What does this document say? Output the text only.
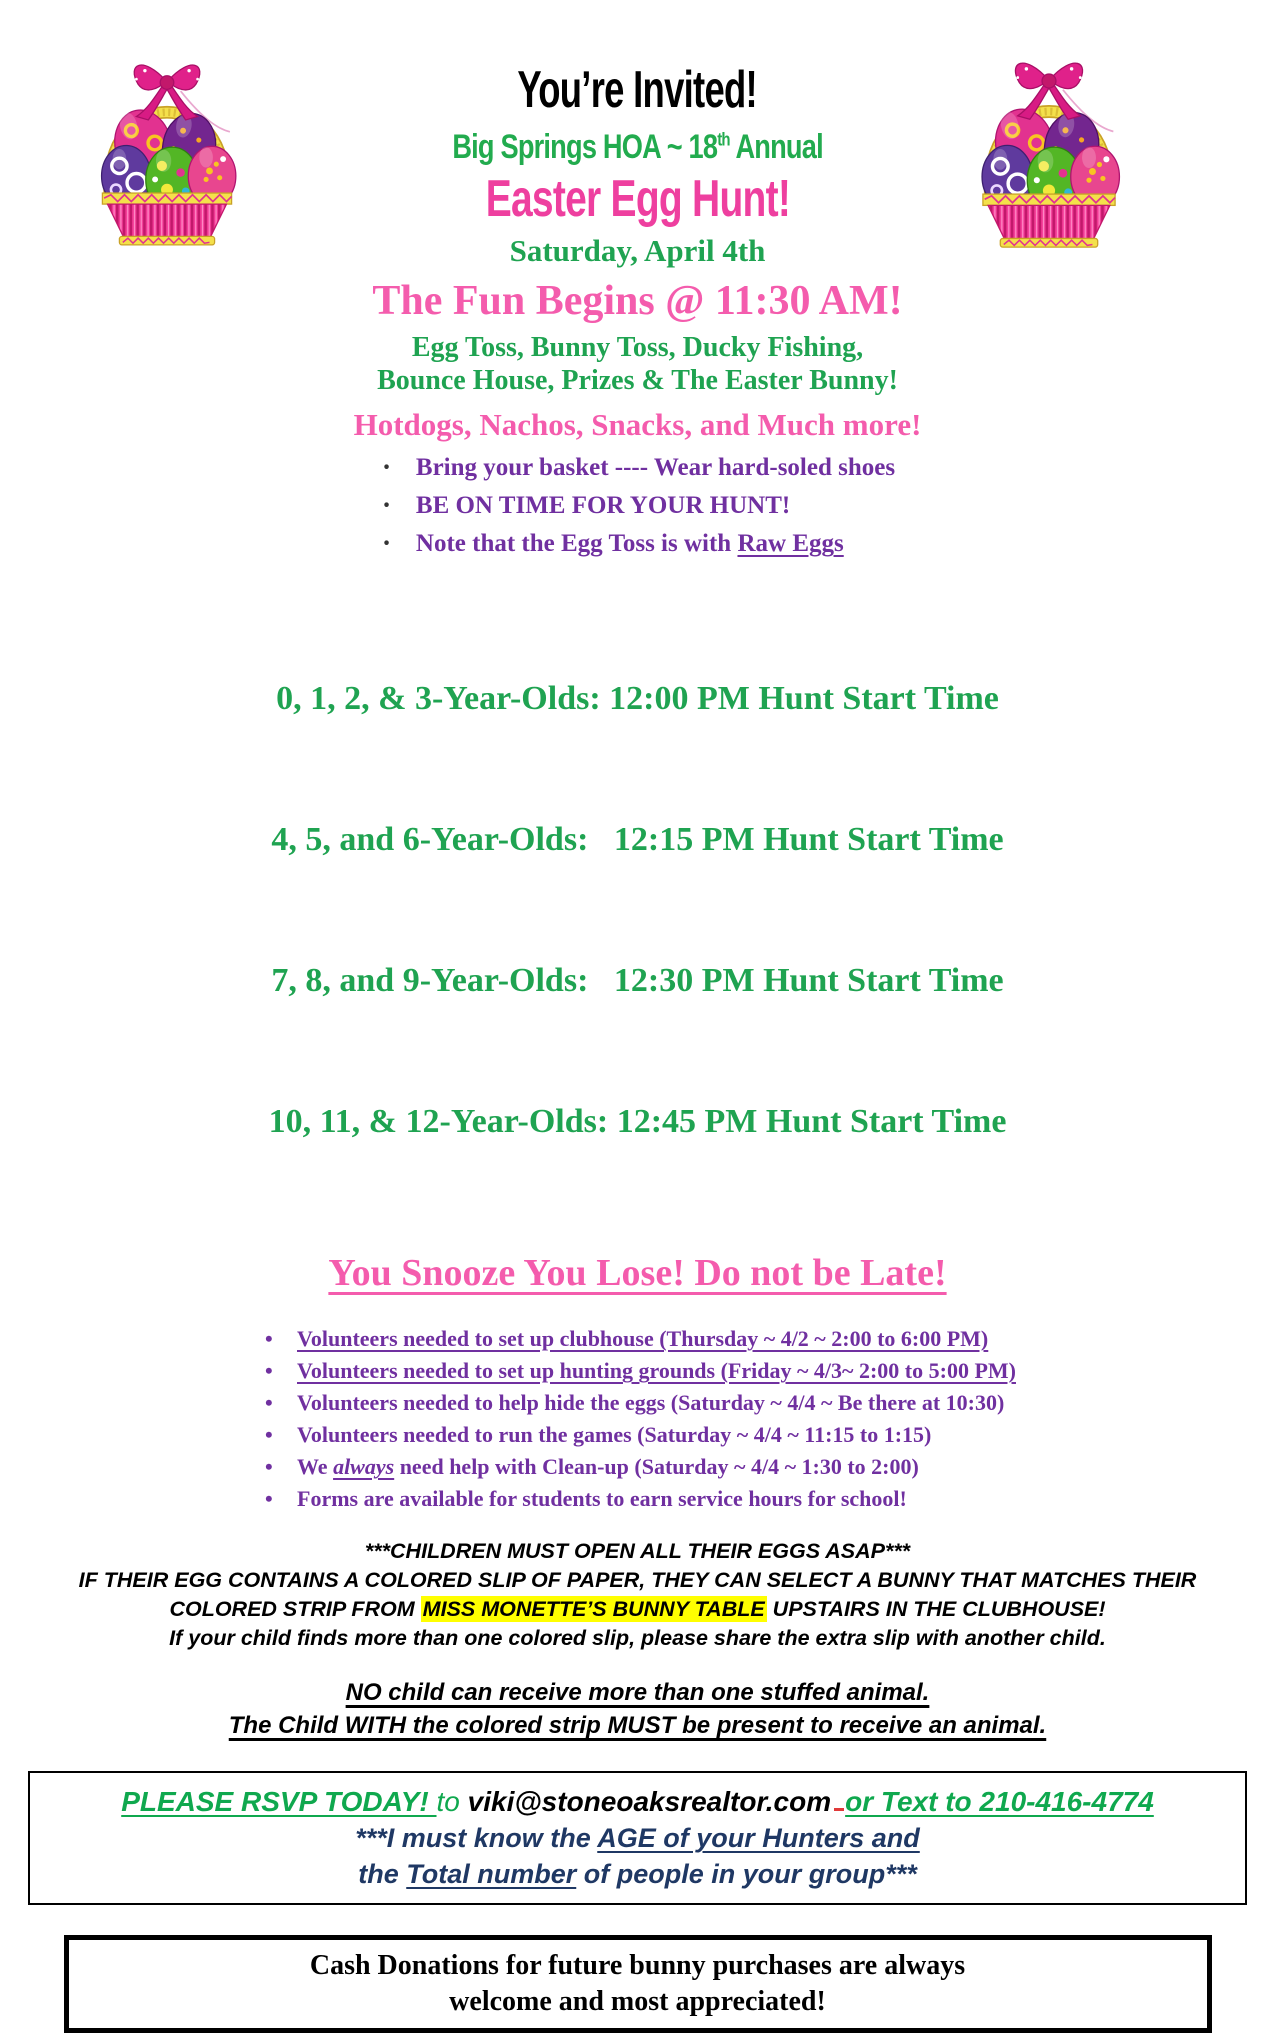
You’re Invited!
Big Springs HOA ~ 18th Annual
Easter Egg Hunt!
Saturday, April 4th
The Fun Begins @ 11:30 AM!
Egg Toss, Bunny Toss, Ducky Fishing,
Bounce House, Prizes & The Easter Bunny!
Hotdogs, Nachos, Snacks, and Much more!
· Bring your basket ---- Wear hard-soled shoes
· BE ON TIME FOR YOUR HUNT!
· Note that the Egg Toss is with Raw Eggs

0, 1, 2, & 3-Year-Olds: 12:00 PM Hunt Start Time

4, 5, and 6-Year-Olds:   12:15 PM Hunt Start Time

7, 8, and 9-Year-Olds:   12:30 PM Hunt Start Time

10, 11, & 12-Year-Olds: 12:45 PM Hunt Start Time

You Snooze You Lose! Do not be Late!
• Volunteers needed to set up clubhouse (Thursday ~ 4/2 ~ 2:00 to 6:00 PM)
• Volunteers needed to set up hunting grounds (Friday ~ 4/3~ 2:00 to 5:00 PM)
• Volunteers needed to help hide the eggs (Saturday ~ 4/4 ~ Be there at 10:30)
• Volunteers needed to run the games (Saturday ~ 4/4 ~ 11:15 to 1:15)
• We always need help with Clean-up (Saturday ~ 4/4 ~ 1:30 to 2:00)
• Forms are available for students to earn service hours for school!
***CHILDREN MUST OPEN ALL THEIR EGGS ASAP***
IF THEIR EGG CONTAINS A COLORED SLIP OF PAPER, THEY CAN SELECT A BUNNY THAT MATCHES THEIR
COLORED STRIP FROM MISS MONETTE’S BUNNY TABLE UPSTAIRS IN THE CLUBHOUSE!
If your child finds more than one colored slip, please share the extra slip with another child.
NO child can receive more than one stuffed animal.
The Child WITH the colored strip MUST be present to receive an animal.
PLEASE RSVP TODAY! to viki@stoneoaksrealtor.com or Text to 210-416-4774
***I must know the AGE of your Hunters and
the Total number of people in your group***
Cash Donations for future bunny purchases are always
welcome and most appreciated!
